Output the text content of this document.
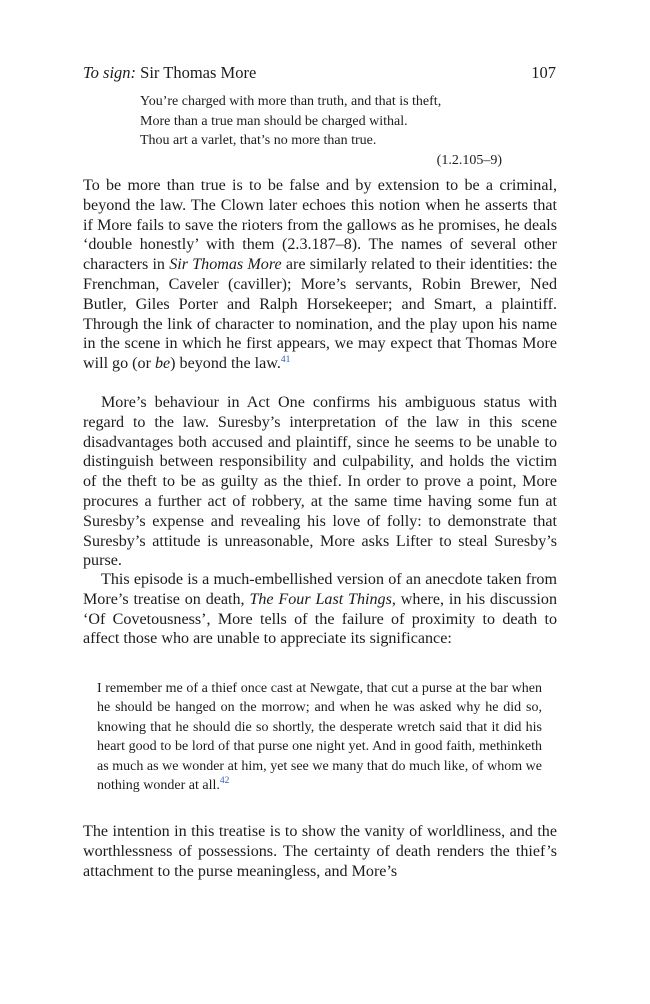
To sign: Sir Thomas More	107
You’re charged with more than truth, and that is theft,
More than a true man should be charged withal.
Thou art a varlet, that’s no more than true.
(1.2.105–9)

To be more than true is to be false and by extension to be a criminal, beyond the law. The Clown later echoes this notion when he asserts that if More fails to save the rioters from the gallows as he promises, he deals ‘double honestly’ with them (2.3.187–8). The names of several other characters in Sir Thomas More are similarly related to their identities: the Frenchman, Caveler (caviller); More’s servants, Robin Brewer, Ned Butler, Giles Porter and Ralph Horsekeeper; and Smart, a plaintiff. Through the link of character to nomination, and the play upon his name in the scene in which he first appears, we may expect that Thomas More will go (or be) beyond the law.$^{41}$

More’s behaviour in Act One confirms his ambiguous status with regard to the law. Suresby’s interpretation of the law in this scene disadvantages both accused and plaintiff, since he seems to be unable to distinguish between responsibility and culpability, and holds the victim of the theft to be as guilty as the thief. In order to prove a point, More procures a further act of robbery, at the same time having some fun at Suresby’s expense and revealing his love of folly: to demonstrate that Suresby’s attitude is unreasonable, More asks Lifter to steal Suresby’s purse.

This episode is a much-embellished version of an anecdote taken from More’s treatise on death, The Four Last Things, where, in his discussion ‘Of Covetousness’, More tells of the failure of proximity to death to affect those who are unable to appreciate its significance:

I remember me of a thief once cast at Newgate, that cut a purse at the bar when he should be hanged on the morrow; and when he was asked why he did so, knowing that he should die so shortly, the desperate wretch said that it did his heart good to be lord of that purse one night yet. And in good faith, methinketh as much as we wonder at him, yet see we many that do much like, of whom we nothing wonder at all.$^{42}$

The intention in this treatise is to show the vanity of worldliness, and the worthlessness of possessions. The certainty of death renders the thief’s attachment to the purse meaningless, and More’s
